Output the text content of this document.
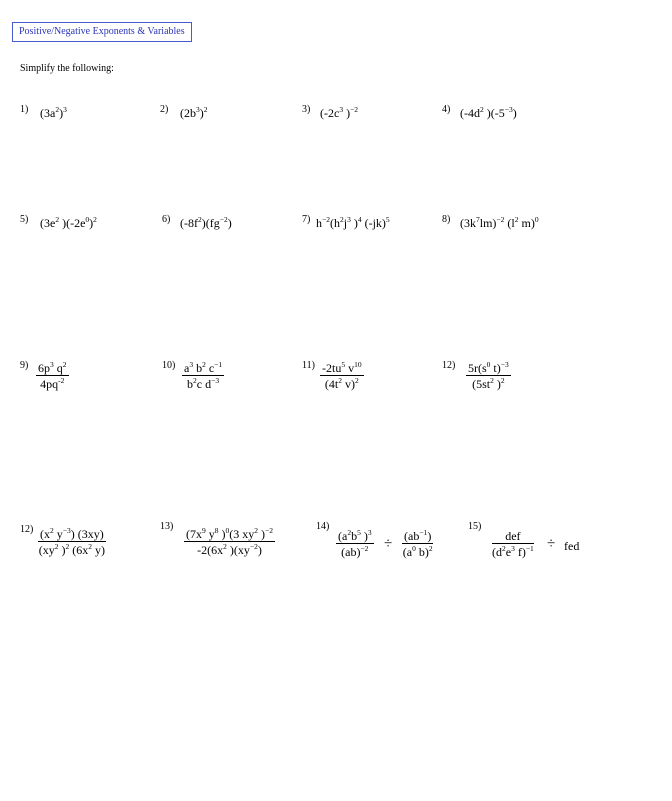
Positive/Negative Exponents & Variables
Simplify the following:
1) $(3a^2)^3$	2) $(2b^3)^2$	3) ($-2c^3$ )$^{-2}$	4) ($-4d^2$ )$(-5^{-3})$
5) ($3e^2$ )$(-2e^0)^2$	6) $(-8f^2)(fg^{-2})$	7) $h^{-2}(h^2j^3$ )$^4$ $(-jk)^5$	8) $(3k^7lm)^{-2}$ ($l^2$ m)$^0$
$9) \frac{6p^3 q^2}{4pq^{-2}}$	$10) \frac{a^3 b^2 c^{-1}}{b^2c d^{-3}}$	$11) \frac{-2tu^5 v^{10}}{(4t^2 v)^2}$	$12) \frac{5r(s^0 t)^{-3}}{(5st^2 )^2}$
$12) \frac{(x^2 y^{-3}) (3xy)}{(xy^2 )^2 (6x^2 y)}$
13)
$\frac{(7x^9 y^8 )^0(3 xy^2 )^{-2}}{-2(6x^2 )(xy^{-2})}$
14)
$\frac{(a^2b^5 )^3}{(ab)^{-2}} \div \frac{(ab^{-1})}{(a^0 b)^2}$
15)
def
($d^2e^3$ f)$^{-1}$ ÷ fed
